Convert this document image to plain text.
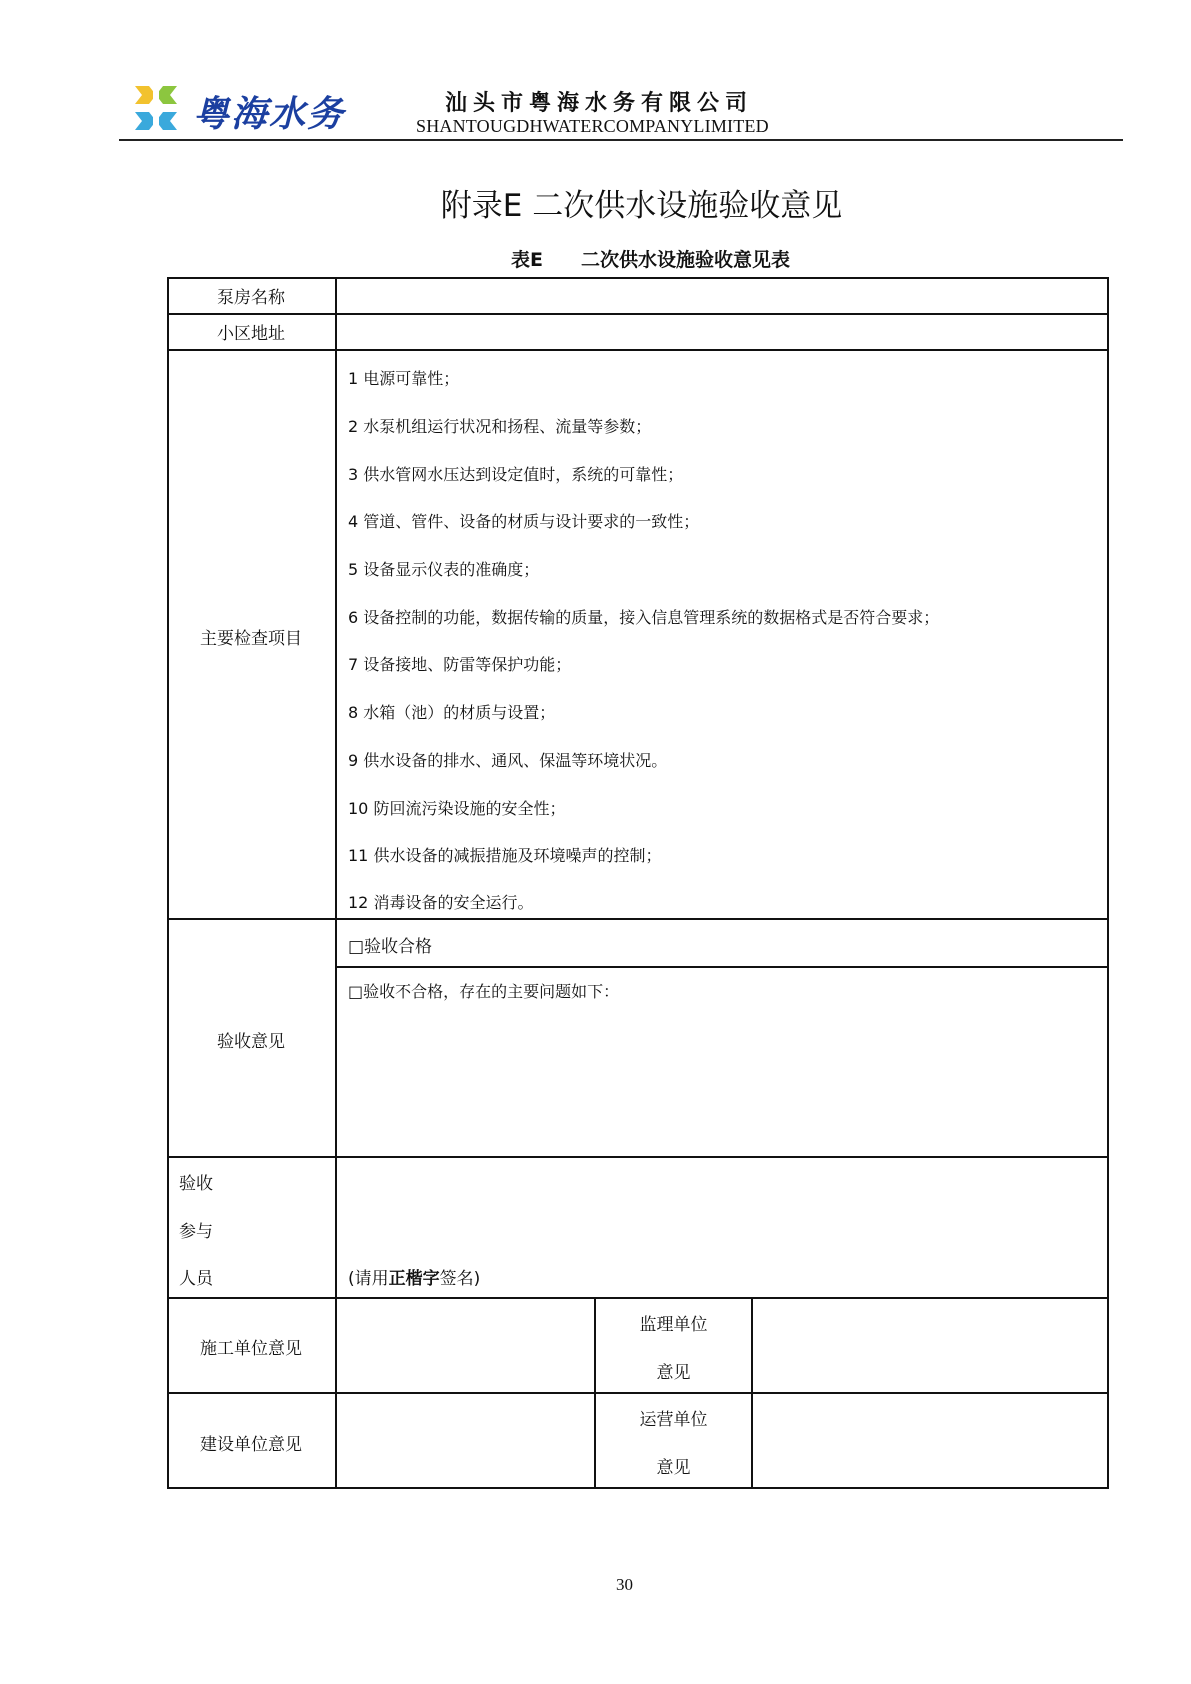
粤海水务	汕头市粤海水务有限公司
SHANTOUGDHWATERCOMPANYLIMITED
附录E 二次供水设施验收意见
表E 二次供水设施验收意见表
泵房名称
小区地址
主要检查项目
1 电源可靠性；
2 水泵机组运行状况和扬程、流量等参数；
3 供水管网水压达到设定值时，系统的可靠性；
4 管道、管件、设备的材质与设计要求的一致性；
5 设备显示仪表的准确度；
6 设备控制的功能，数据传输的质量，接入信息管理系统的数据格式是否符合要求；
7 设备接地、防雷等保护功能；
8 水箱（池）的材质与设置；
9 供水设备的排水、通风、保温等环境状况。
10 防回流污染设施的安全性；
11 供水设备的减振措施及环境噪声的控制；
12 消毒设备的安全运行。
验收意见
□验收合格
□验收不合格，存在的主要问题如下：
验收
参与
人员	(请用正楷字签名)
施工单位意见
监理单位
意见
建设单位意见
运营单位
意见
30
